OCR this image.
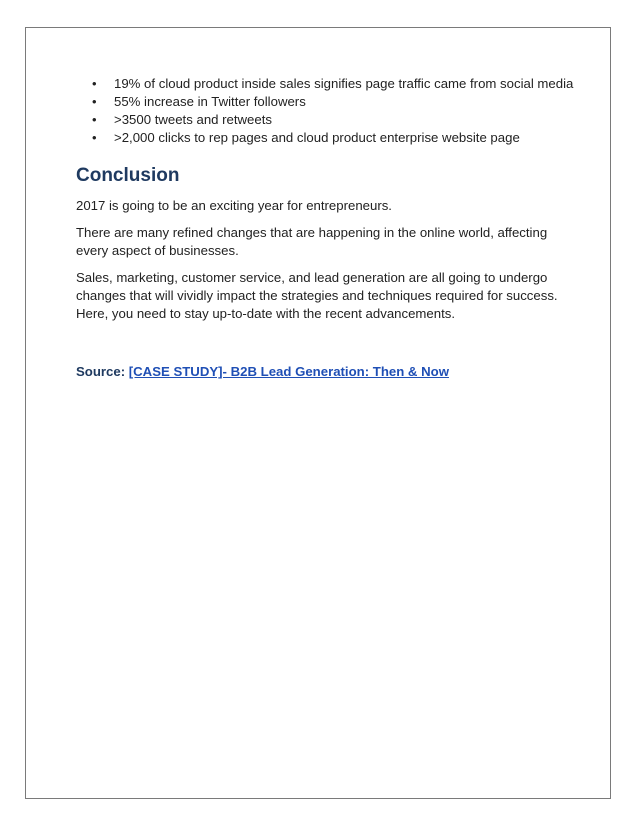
• 19% of cloud product inside sales signifies page traffic came from social media
• 55% increase in Twitter followers
• >3500 tweets and retweets
• >2,000 clicks to rep pages and cloud product enterprise website page
Conclusion

2017 is going to be an exciting year for entrepreneurs.

There are many refined changes that are happening in the online world, affecting every aspect of businesses.

Sales, marketing, customer service, and lead generation are all going to undergo changes that will vividly impact the strategies and techniques required for success. Here, you need to stay up-to-date with the recent advancements.

Source: [CASE STUDY]- B2B Lead Generation: Then & Now
